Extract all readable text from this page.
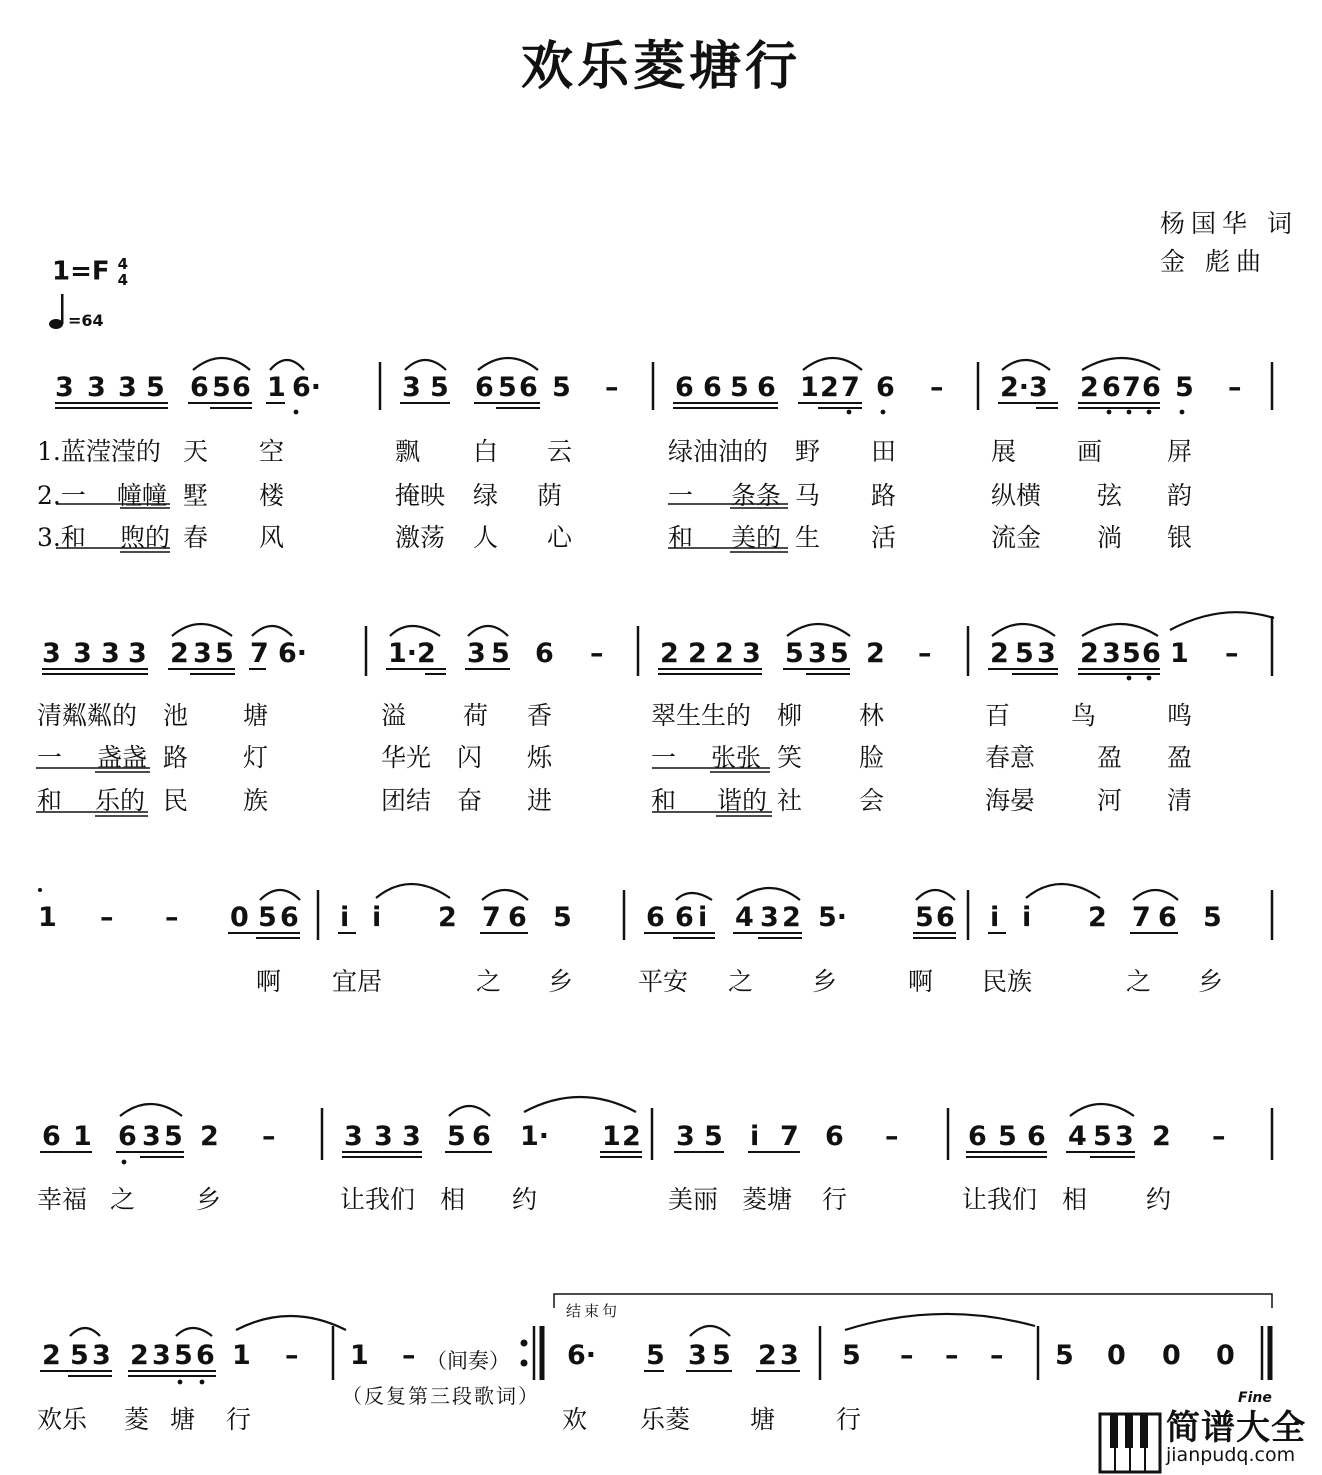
欢乐菱塘行
杨国华 词
金 彪曲
1=F 4
4
=64
3 3 3 5 6 5 6 1 6·	3 5 6 5 6 5 – 6 6 5 6 1 2 7 6 – 2·3 2 6 7 6 5 –
3 3 3 3 2 3 5 7 6·	1·2 3 5 6 – 2 2 2 3 5 3 5 2 – 2 5 3 2 3 5 6 1 –
1 – – 0 5 6 i i 2 7 6 5	6 6 i 4 3 2 5·	5 6 i i 2 7 6 5
6 1 6 3 5 2 –	3 3 3 5 6 1· 1 2 3 5 i 7 6 –	6 5 6 4 5 3 2 –
2 5 3 2 3 5 6 1 – 1 –	6· 5 3 5 2 3 5 – – – 5 0 0 0
1.蓝滢滢的 天 空	飘 白 云	绿油油的	田	展 画	屏
野
2.一 幢幢 墅 楼	掩映 绿 荫	一 条条 马 路	纵横 弦 韵
3.和 煦的 春 风	激荡 人 心	和 美的 生 活	流金 淌 银
清粼粼的 池 塘	溢 荷 香	翠生生的 柳 林	百 鸟	鸣
一 盏盏 路 灯	华光 闪 烁	一 张张 笑 脸	春意 盈 盈
和 乐的 民 族	团结 奋 进	和 谐的 社 会	海晏 河 清
啊 宜居	之 乡	平安 之 乡	啊 民族	之 乡
幸福 之 乡	让我们 相 约	美丽 菱塘 行	让我们 相 约
欢乐 菱 塘 行	欢 乐菱 塘 行
（间奏）
（反复第三段歌词）
结束句
Fine
简谱大全
jianpudq.com
